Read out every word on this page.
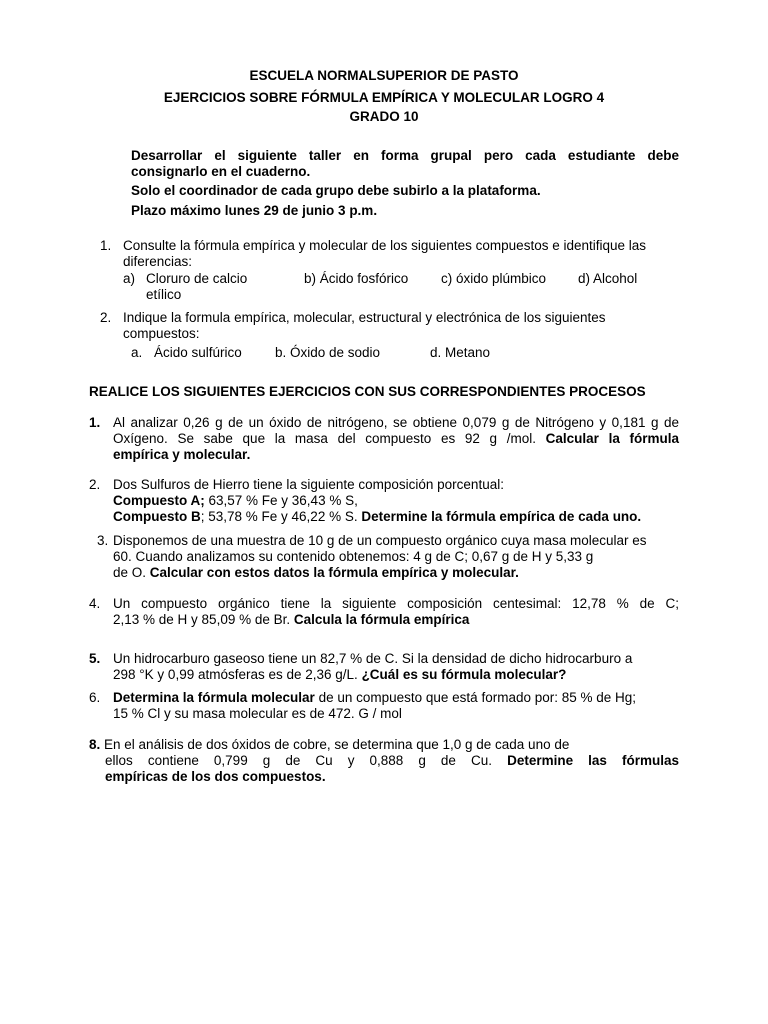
ESCUELA NORMALSUPERIOR DE PASTO
EJERCICIOS SOBRE FÓRMULA EMPÍRICA Y MOLECULAR LOGRO 4
GRADO 10
Desarrollar el siguiente taller en forma grupal pero cada estudiante debe
consignarlo en el cuaderno.
Solo el coordinador de cada grupo debe subirlo a la plataforma.
Plazo máximo lunes 29 de junio 3 p.m.
1. Consulte la fórmula empírica y molecular de los siguientes compuestos e identifique las
diferencias:
a) Cloruro de calcio	b) Ácido fosfórico c) óxido plúmbico d) Alcohol
etílico
2. Indique la formula empírica, molecular, estructural y electrónica de los siguientes
compuestos:
a. Ácido sulfúrico b. Óxido de sodio	d. Metano
REALICE LOS SIGUIENTES EJERCICIOS CON SUS CORRESPONDIENTES PROCESOS
1. Al analizar 0,26 g de un óxido de nitrógeno, se obtiene 0,079 g de Nitrógeno y 0,181 g de
Oxígeno. Se sabe que la masa del compuesto es 92 g /mol. Calcular la fórmula
empírica y molecular.
2. Dos Sulfuros de Hierro tiene la siguiente composición porcentual:
Compuesto A; 63,57 % Fe y 36,43 % S,
Compuesto B; 53,78 % Fe y 46,22 % S. Determine la fórmula empírica de cada uno.
3. Disponemos de una muestra de 10 g de un compuesto orgánico cuya masa molecular es
60. Cuando analizamos su contenido obtenemos: 4 g de C; 0,67 g de H y 5,33 g
de O. Calcular con estos datos la fórmula empírica y molecular.
4. Un compuesto orgánico tiene la siguiente composición centesimal: 12,78 % de C;
2,13 % de H y 85,09 % de Br. Calcula la fórmula empírica
5. Un hidrocarburo gaseoso tiene un 82,7 % de C. Si la densidad de dicho hidrocarburo a
298 °K y 0,99 atmósferas es de 2,36 g/L. ¿Cuál es su fórmula molecular?
6. Determina la fórmula molecular de un compuesto que está formado por: 85 % de Hg;
15 % Cl y su masa molecular es de 472. G / mol
8. En el análisis de dos óxidos de cobre, se determina que 1,0 g de cada uno de
ellos contiene 0,799 g de Cu y 0,888 g de Cu. Determine las fórmulas
empíricas de los dos compuestos.
